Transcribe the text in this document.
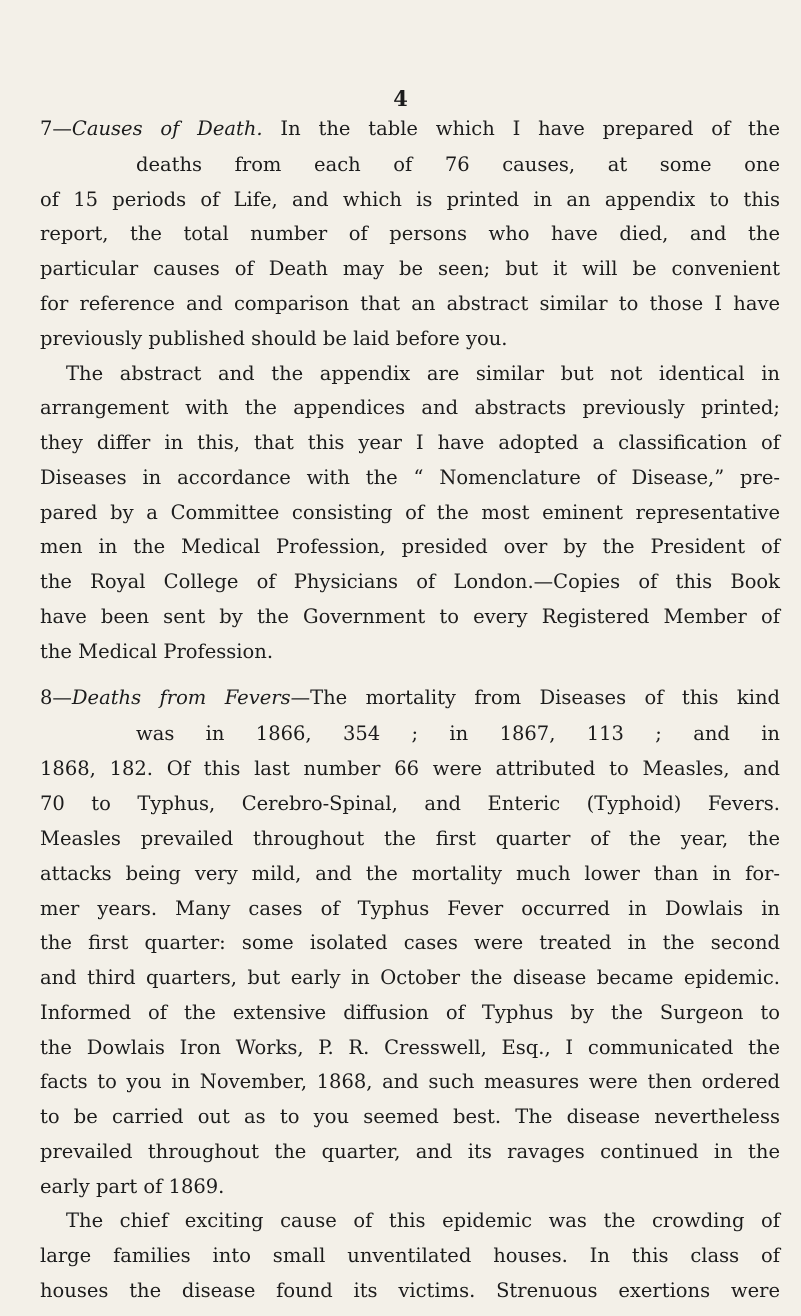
4
7—Causes of Death. In the table which I have prepared of the
deaths from each of 76 causes, at some one
of 15 periods of Life, and which is printed in an appendix to this
report, the total number of persons who have died, and the
particular causes of Death may be seen; but it will be convenient
for reference and comparison that an abstract similar to those I have
previously published should be laid before you.
The abstract and the appendix are similar but not identical in
arrangement with the appendices and abstracts previously printed;
they differ in this, that this year I have adopted a classification of
Diseases in accordance with the “ Nomenclature of Disease,” pre-
pared by a Committee consisting of the most eminent representative
men in the Medical Profession, presided over by the President of
the Royal College of Physicians of London.—Copies of this Book
have been sent by the Government to every Registered Member of
the Medical Profession.
8—Deaths from Fevers—The mortality from Diseases of this kind
was in 1866, 354 ; in 1867, 113 ; and in
1868, 182. Of this last number 66 were attributed to Measles, and
70 to Typhus, Cerebro-Spinal, and Enteric (Typhoid) Fevers.
Measles prevailed throughout the first quarter of the year, the
attacks being very mild, and the mortality much lower than in for-
mer years. Many cases of Typhus Fever occurred in Dowlais in
the first quarter: some isolated cases were treated in the second
and third quarters, but early in October the disease became epidemic.
Informed of the extensive diffusion of Typhus by the Surgeon to
the Dowlais Iron Works, P. R. Cresswell, Esq., I communicated the
facts to you in November, 1868, and such measures were then ordered
to be carried out as to you seemed best. The disease nevertheless
prevailed throughout the quarter, and its ravages continued in the
early part of 1869.
The chief exciting cause of this epidemic was the crowding of
large families into small unventilated houses. In this class of
houses the disease found its victims. Strenuous exertions were
